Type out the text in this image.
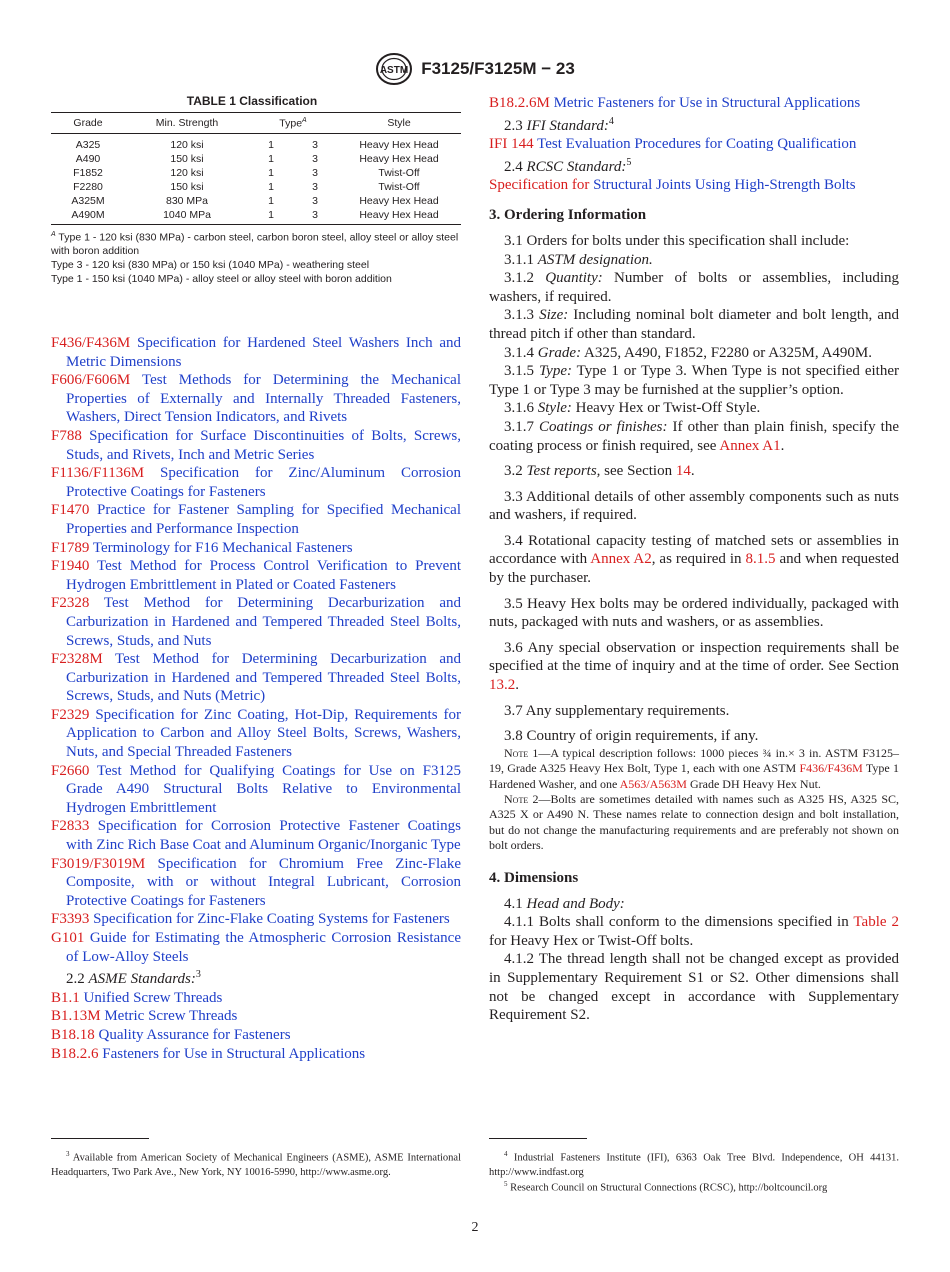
ASTM F3125/F3125M − 23
TABLE 1 Classification
Grade	Min. Strength	Type$^A$		Style
A325	120 ksi	1	3	Heavy Hex Head
A490	150 ksi	1	3	Heavy Hex Head
F1852	120 ksi	1	3	Twist-Off
F2280	150 ksi	1	3	Twist-Off
A325M	830 MPa	1	3	Heavy Hex Head
A490M	1040 MPa	1	3	Heavy Hex Head
$^A$ Type 1 - 120 ksi (830 MPa) - carbon steel, carbon boron steel, alloy steel or alloy steel with boron addition
Type 3 - 120 ksi (830 MPa) or 150 ksi (1040 MPa) - weathering steel
Type 1 - 150 ksi (1040 MPa) - alloy steel or alloy steel with boron addition
F436/F436M Specification for Hardened Steel Washers Inch and Metric Dimensions
F606/F606M Test Methods for Determining the Mechanical Properties of Externally and Internally Threaded Fasteners, Washers, Direct Tension Indicators, and Rivets
F788 Specification for Surface Discontinuities of Bolts, Screws, Studs, and Rivets, Inch and Metric Series
F1136/F1136M Specification for Zinc/Aluminum Corrosion Protective Coatings for Fasteners
F1470 Practice for Fastener Sampling for Specified Mechanical Properties and Performance Inspection
F1789 Terminology for F16 Mechanical Fasteners
F1940 Test Method for Process Control Verification to Prevent Hydrogen Embrittlement in Plated or Coated Fasteners
F2328 Test Method for Determining Decarburization and Carburization in Hardened and Tempered Threaded Steel Bolts, Screws, Studs, and Nuts
F2328M Test Method for Determining Decarburization and Carburization in Hardened and Tempered Threaded Steel Bolts, Screws, Studs, and Nuts (Metric)
F2329 Specification for Zinc Coating, Hot-Dip, Requirements for Application to Carbon and Alloy Steel Bolts, Screws, Washers, Nuts, and Special Threaded Fasteners
F2660 Test Method for Qualifying Coatings for Use on F3125 Grade A490 Structural Bolts Relative to Environmental Hydrogen Embrittlement
F2833 Specification for Corrosion Protective Fastener Coatings with Zinc Rich Base Coat and Aluminum Organic/Inorganic Type
F3019/F3019M Specification for Chromium Free Zinc-Flake Composite, with or without Integral Lubricant, Corrosion Protective Coatings for Fasteners
F3393 Specification for Zinc-Flake Coating Systems for Fasteners
G101 Guide for Estimating the Atmospheric Corrosion Resistance of Low-Alloy Steels
2.2 ASME Standards:$^3$
B1.1 Unified Screw Threads
B1.13M Metric Screw Threads
B18.18 Quality Assurance for Fasteners
B18.2.6 Fasteners for Use in Structural Applications
B18.2.6M Metric Fasteners for Use in Structural Applications
2.3 IFI Standard:$^4$
IFI 144 Test Evaluation Procedures for Coating Qualification
2.4 RCSC Standard:$^5$
Specification for Structural Joints Using High-Strength Bolts
3. Ordering Information
3.1 Orders for bolts under this specification shall include:
3.1.1 ASTM designation.
3.1.2 Quantity: Number of bolts or assemblies, including washers, if required.
3.1.3 Size: Including nominal bolt diameter and bolt length, and thread pitch if other than standard.
3.1.4 Grade: A325, A490, F1852, F2280 or A325M, A490M.
3.1.5 Type: Type 1 or Type 3. When Type is not specified either Type 1 or Type 3 may be furnished at the supplier’s option.
3.1.6 Style: Heavy Hex or Twist-Off Style.
3.1.7 Coatings or finishes: If other than plain finish, specify the coating process or finish required, see Annex A1.
3.2 Test reports, see Section 14.
3.3 Additional details of other assembly components such as nuts and washers, if required.
3.4 Rotational capacity testing of matched sets or assemblies in accordance with Annex A2, as required in 8.1.5 and when requested by the purchaser.
3.5 Heavy Hex bolts may be ordered individually, packaged with nuts, packaged with nuts and washers, or as assemblies.
3.6 Any special observation or inspection requirements shall be specified at the time of inquiry and at the time of order. See Section 13.2.
3.7 Any supplementary requirements.
3.8 Country of origin requirements, if any.
Note 1—A typical description follows: 1000 pieces ¾ in.× 3 in. ASTM F3125–19, Grade A325 Heavy Hex Bolt, Type 1, each with one ASTM F436/F436M Type 1 Hardened Washer, and one A563/A563M Grade DH Heavy Hex Nut.
Note 2—Bolts are sometimes detailed with names such as A325 HS, A325 SC, A325 X or A490 N. These names relate to connection design and bolt installation, but do not change the manufacturing requirements and are preferably not shown on bolt orders.
4. Dimensions
4.1 Head and Body:
4.1.1 Bolts shall conform to the dimensions specified in Table 2 for Heavy Hex or Twist-Off bolts.
4.1.2 The thread length shall not be changed except as provided in Supplementary Requirement S1 or S2. Other dimensions shall not be changed except in accordance with Supplementary Requirement S2.
$^3$ Available from American Society of Mechanical Engineers (ASME), ASME International Headquarters, Two Park Ave., New York, NY 10016-5990, http://www.asme.org.
$^4$ Industrial Fasteners Institute (IFI), 6363 Oak Tree Blvd. Independence, OH 44131. http://www.indfast.org
$^5$ Research Council on Structural Connections (RCSC), http://boltcouncil.org
2
